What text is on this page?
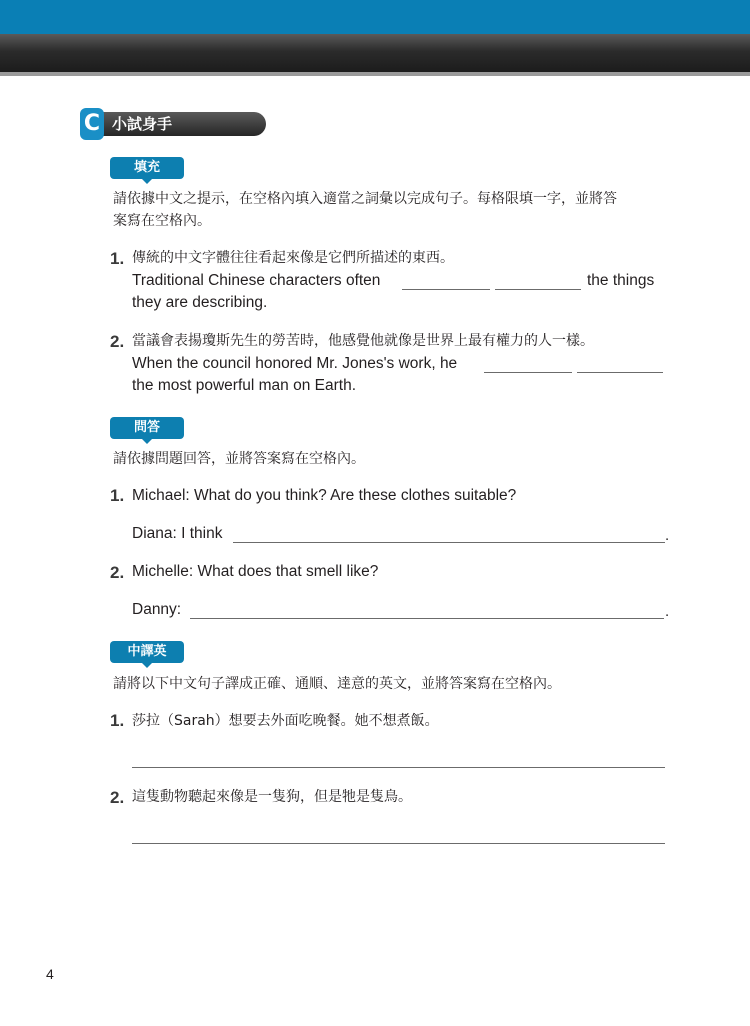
C 小試身手
填充
請依據中文之提示，在空格內填入適當之詞彙以完成句子。每格限填一字，並將答
案寫在空格內。
1. 傳統的中文字體往往看起來像是它們所描述的東西。
Traditional Chinese characters often	the things
they are describing.
2. 當議會表揚瓊斯先生的勞苦時，他感覺他就像是世界上最有權力的人一樣。
When the council honored Mr. Jones's work, he
the most powerful man on Earth.
問答
請依據問題回答，並將答案寫在空格內。
1. Michael: What do you think? Are these clothes suitable?
Diana: I think	.
2. Michelle: What does that smell like?
Danny:	.
中譯英
請將以下中文句子譯成正確、通順、達意的英文，並將答案寫在空格內。
1. 莎拉（Sarah）想要去外面吃晚餐。她不想煮飯。
2. 這隻動物聽起來像是一隻狗，但是牠是隻鳥。
4
